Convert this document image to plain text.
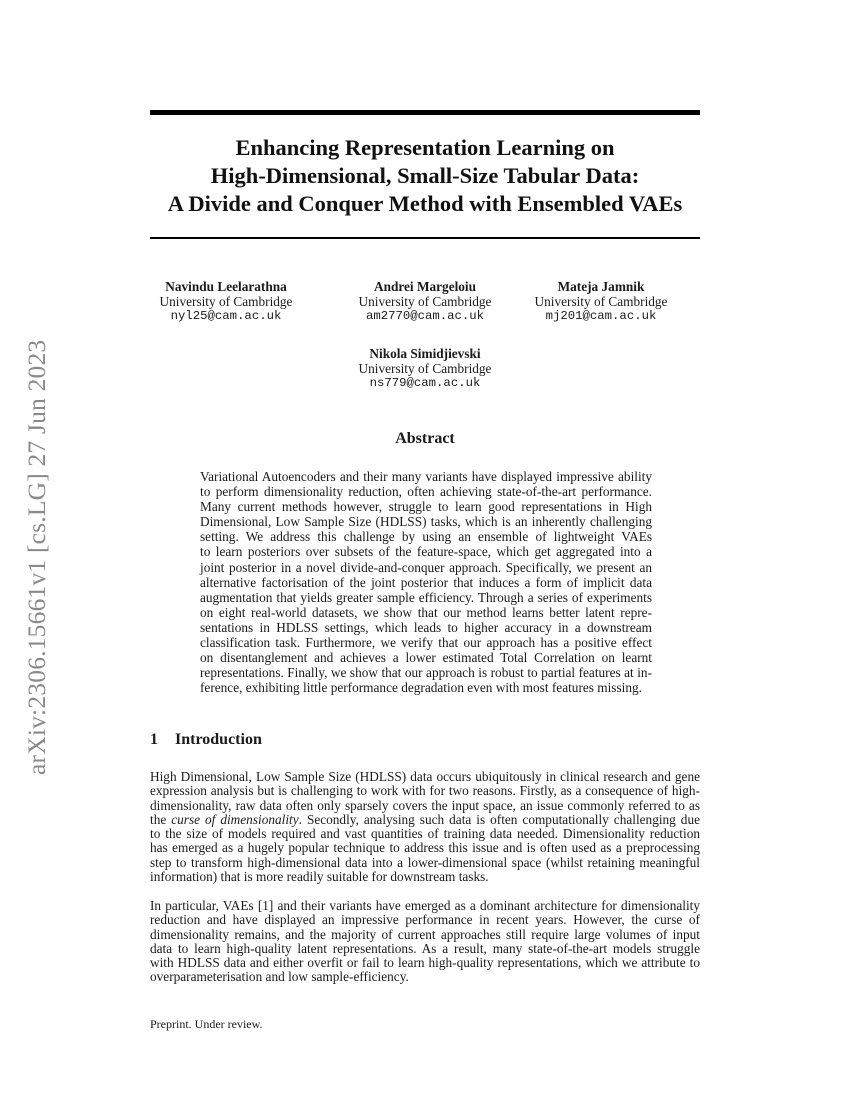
arXiv:2306.15661v1 [cs.LG] 27 Jun 2023
Enhancing Representation Learning on
High-Dimensional, Small-Size Tabular Data:
A Divide and Conquer Method with Ensembled VAEs
Navindu Leelarathna
University of Cambridge
nyl25@cam.ac.uk
Andrei Margeloiu
University of Cambridge
am2770@cam.ac.uk
Mateja Jamnik
University of Cambridge
mj201@cam.ac.uk
Nikola Simidjievski
University of Cambridge
ns779@cam.ac.uk
Abstract
Variational Autoencoders and their many variants have displayed impressive ability
to perform dimensionality reduction, often achieving state-of-the-art performance.
Many current methods however, struggle to learn good representations in High
Dimensional, Low Sample Size (HDLSS) tasks, which is an inherently challenging
setting. We address this challenge by using an ensemble of lightweight VAEs
to learn posteriors over subsets of the feature-space, which get aggregated into a
joint posterior in a novel divide-and-conquer approach. Specifically, we present an
alternative factorisation of the joint posterior that induces a form of implicit data
augmentation that yields greater sample efficiency. Through a series of experiments
on eight real-world datasets, we show that our method learns better latent repre-
sentations in HDLSS settings, which leads to higher accuracy in a downstream
classification task. Furthermore, we verify that our approach has a positive effect
on disentanglement and achieves a lower estimated Total Correlation on learnt
representations. Finally, we show that our approach is robust to partial features at in-
ference, exhibiting little performance degradation even with most features missing.
1 Introduction
High Dimensional, Low Sample Size (HDLSS) data occurs ubiquitously in clinical research and gene
expression analysis but is challenging to work with for two reasons. Firstly, as a consequence of high-
dimensionality, raw data often only sparsely covers the input space, an issue commonly referred to as
the curse of dimensionality. Secondly, analysing such data is often computationally challenging due
to the size of models required and vast quantities of training data needed. Dimensionality reduction
has emerged as a hugely popular technique to address this issue and is often used as a preprocessing
step to transform high-dimensional data into a lower-dimensional space (whilst retaining meaningful
information) that is more readily suitable for downstream tasks.
In particular, VAEs [1] and their variants have emerged as a dominant architecture for dimensionality
reduction and have displayed an impressive performance in recent years. However, the curse of
dimensionality remains, and the majority of current approaches still require large volumes of input
data to learn high-quality latent representations. As a result, many state-of-the-art models struggle
with HDLSS data and either overfit or fail to learn high-quality representations, which we attribute to
overparameterisation and low sample-efficiency.
Preprint. Under review.
